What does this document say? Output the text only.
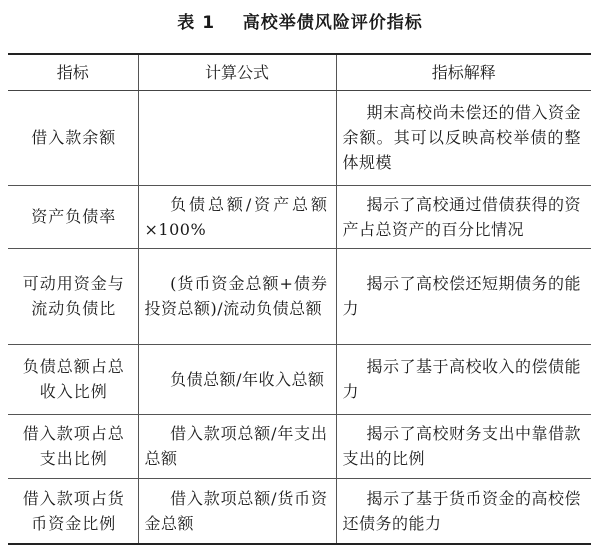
表 1    高校举债风险评价指标
指标	计算公式	指标解释
借入款余额		期末高校尚未偿还的借入资金余额。其可以反映高校举债的整体规模
资产负债率	负债总额/资产总额×100%	揭示了高校通过借债获得的资产占总资产的百分比情况
可动用资金与流动负债比	(货币资金总额+债券投资总额)/流动负债总额	揭示了高校偿还短期债务的能力
负债总额占总收入比例	负债总额/年收入总额	揭示了基于高校收入的偿债能力
借入款项占总支出比例	借入款项总额/年支出总额	揭示了高校财务支出中靠借款支出的比例
借入款项占货币资金比例	借入款项总额/货币资金总额	揭示了基于货币资金的高校偿还债务的能力
